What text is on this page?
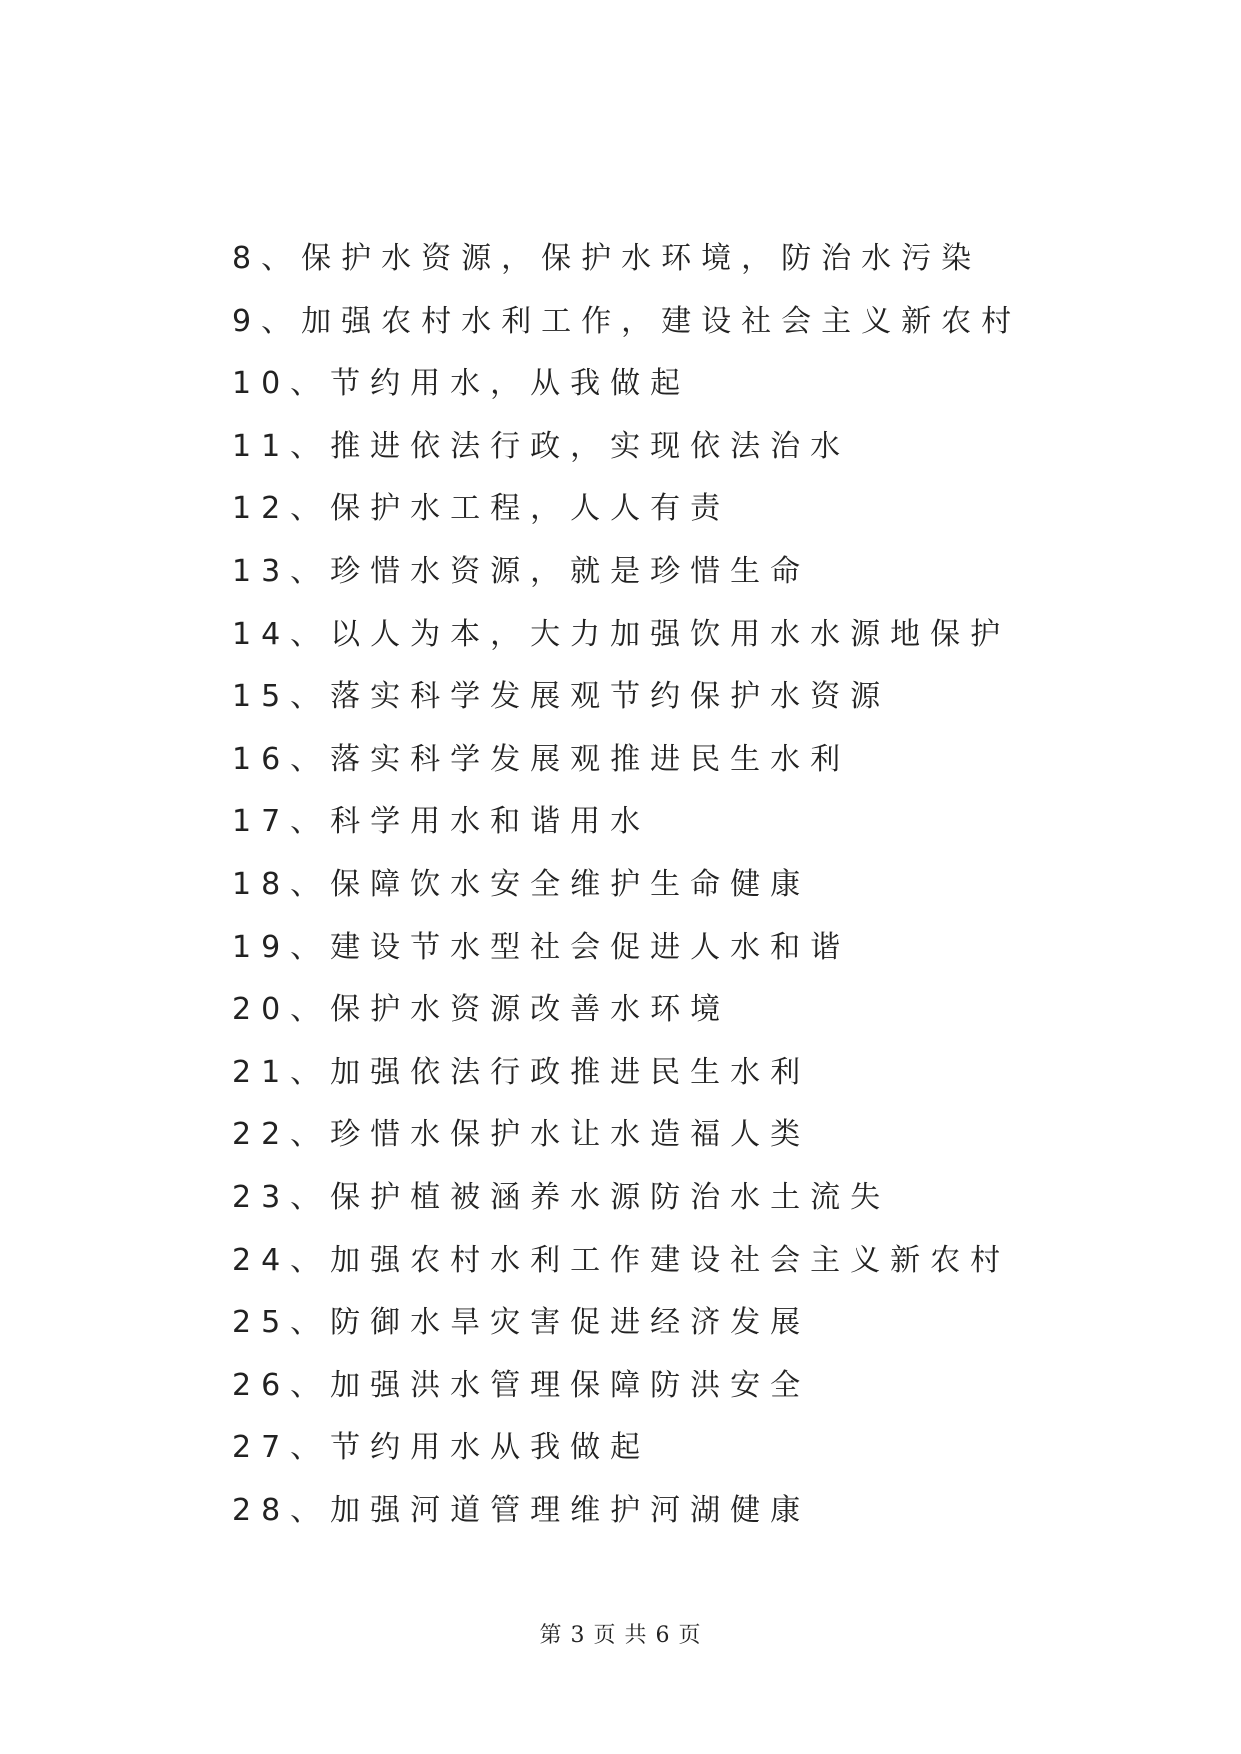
8、保护水资源，保护水环境，防治水污染
9、加强农村水利工作，建设社会主义新农村
10、节约用水，从我做起
11、推进依法行政，实现依法治水
12、保护水工程，人人有责
13、珍惜水资源，就是珍惜生命
14、以人为本，大力加强饮用水水源地保护
15、落实科学发展观节约保护水资源
16、落实科学发展观推进民生水利
17、科学用水和谐用水
18、保障饮水安全维护生命健康
19、建设节水型社会促进人水和谐
20、保护水资源改善水环境
21、加强依法行政推进民生水利
22、珍惜水保护水让水造福人类
23、保护植被涵养水源防治水土流失
24、加强农村水利工作建设社会主义新农村
25、防御水旱灾害促进经济发展
26、加强洪水管理保障防洪安全
27、节约用水从我做起
28、加强河道管理维护河湖健康
第 3 页 共 6 页
